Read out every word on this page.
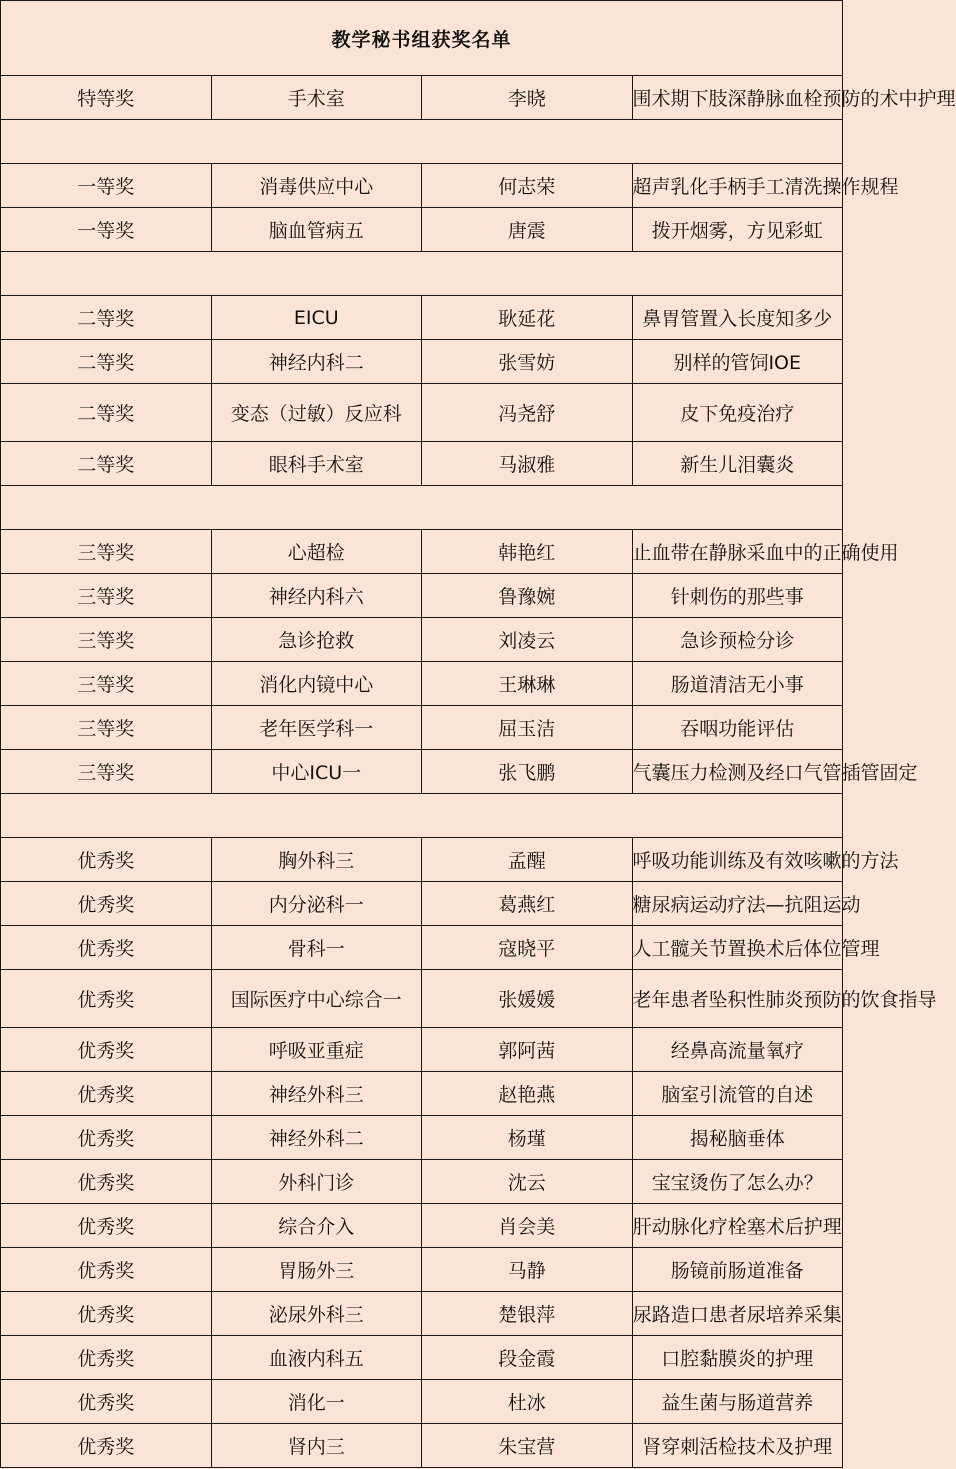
教学秘书组获奖名单			
特等奖	手术室	李晓	围术期下肢深静脉血栓预防的术中护理

一等奖	消毒供应中心	何志荣	超声乳化手柄手工清洗操作规程
一等奖	脑血管病五	唐震	拨开烟雾，方见彩虹

二等奖	EICU	耿延花	鼻胃管置入长度知多少
二等奖	神经内科二	张雪妨	别样的管饲IOE
二等奖	变态（过敏）反应科	冯尧舒	皮下免疫治疗
二等奖	眼科手术室	马淑雅	新生儿泪囊炎

三等奖	心超检	韩艳红	止血带在静脉采血中的正确使用
三等奖	神经内科六	鲁豫婉	针刺伤的那些事
三等奖	急诊抢救	刘凌云	急诊预检分诊
三等奖	消化内镜中心	王琳琳	肠道清洁无小事
三等奖	老年医学科一	屈玉洁	吞咽功能评估
三等奖	中心ICU一	张飞鹏	气囊压力检测及经口气管插管固定

优秀奖	胸外科三	孟醒	呼吸功能训练及有效咳嗽的方法
优秀奖	内分泌科一	葛燕红	糖尿病运动疗法—抗阻运动
优秀奖	骨科一	寇晓平	人工髋关节置换术后体位管理
优秀奖	国际医疗中心综合一	张媛媛	老年患者坠积性肺炎预防的饮食指导
优秀奖	呼吸亚重症	郭阿茜	经鼻高流量氧疗
优秀奖	神经外科三	赵艳燕	脑室引流管的自述
优秀奖	神经外科二	杨瑾	揭秘脑垂体
优秀奖	外科门诊	沈云	宝宝烫伤了怎么办？
优秀奖	综合介入	肖会美	肝动脉化疗栓塞术后护理
优秀奖	胃肠外三	马静	肠镜前肠道准备
优秀奖	泌尿外科三	楚银萍	尿路造口患者尿培养采集
优秀奖	血液内科五	段金霞	口腔黏膜炎的护理
优秀奖	消化一	杜冰	益生菌与肠道营养
优秀奖	肾内三	朱宝营	肾穿刺活检技术及护理
